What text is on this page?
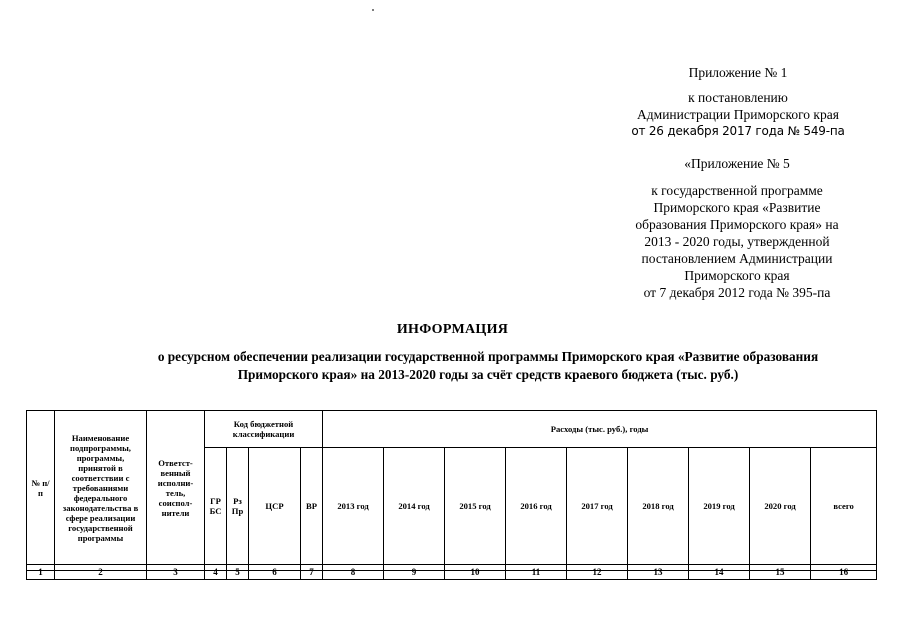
Приложение № 1
к постановлению
Администрации Приморского края
от 26 декабря 2017 года № 549-па
«Приложение № 5
к государственной программе
Приморского края «Развитие
образования Приморского края» на
2013 - 2020 годы, утвержденной
постановлением Администрации
Приморского края
от 7 декабря 2012 года № 395-па
ИНФОРМАЦИЯ
о ресурсном обеспечении реализации государственной программы Приморского края «Развитие образования
Приморского края» на 2013-2020 годы за счёт средств краевого бюджета (тыс. руб.)
№ п/п	Наименование подпрограммы, программы, принятой в соответствии с требованиями федерального законодательства в сфере реализации государственной программы	Ответст-венный исполни-тель, соиспол-нители	Код бюджетной классификации				Расходы (тыс. руб.), годы								
			ГР БС	Рз Пр	ЦСР	ВР	2013 год	2014 год	2015 год	2016 год	2017 год	2018 год	2019 год	2020 год	всего
1	2	3	4	5	6	7	8	9	10	11	12	13	14	15	16
